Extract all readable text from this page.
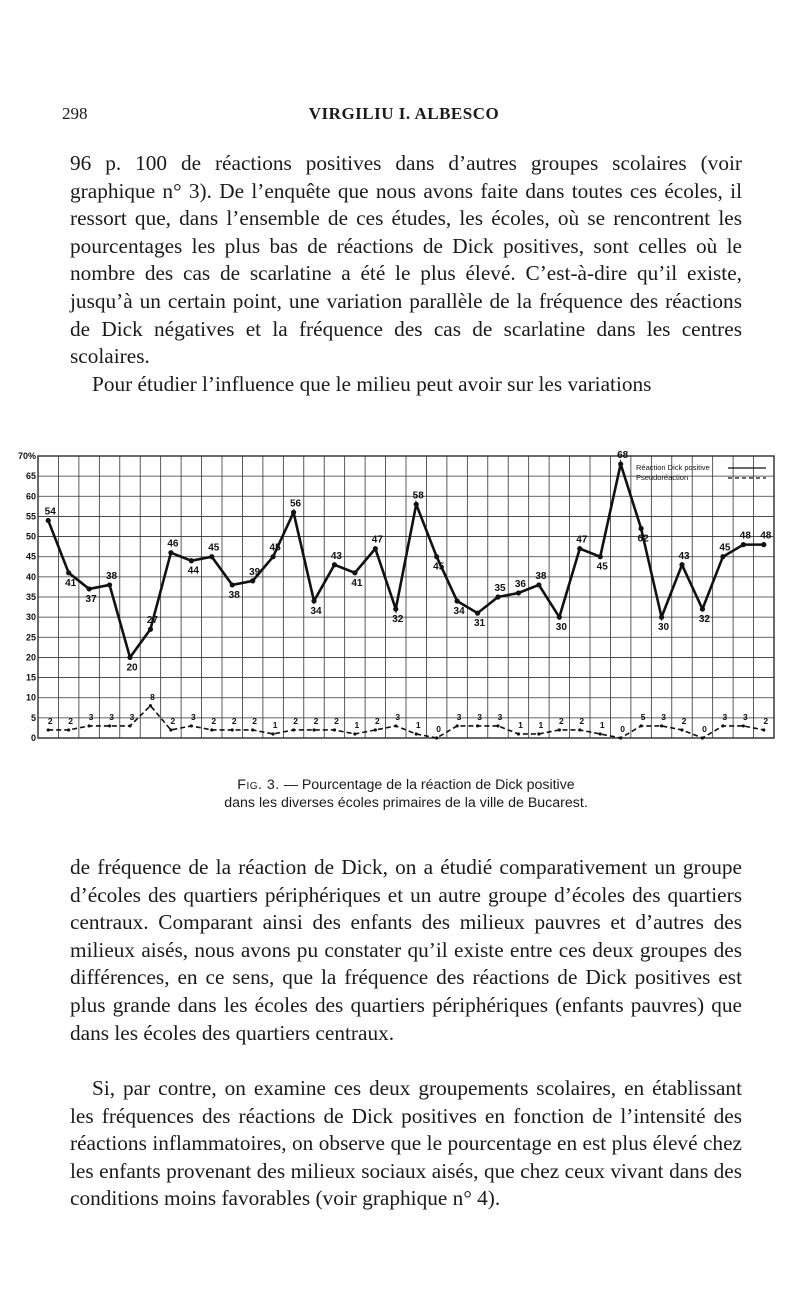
298	VIRGILIU I. ALBESCO

96 p. 100 de réactions positives dans d’autres groupes scolaires (voir graphique n° 3). De l’enquête que nous avons faite dans toutes ces écoles, il ressort que, dans l’ensemble de ces études, les écoles, où se rencontrent les pourcentages les plus bas de réactions de Dick positives, sont celles où le nombre des cas de scarlatine a été le plus élevé. C’est-à-dire qu’il existe, jusqu’à un certain point, une variation parallèle de la fréquence des réactions de Dick négatives et la fréquence des cas de scarlatine dans les centres scolaires.

Pour étudier l’influence que le milieu peut avoir sur les variations

0
5
10
15
20
25
30
35
40
45
50
55
60
65
70%
54
41
37
38
20
27
46
44
45
38
39
45
56
34
43
41
47
32
58
45
34
31
35 36
38
30
47
45
68
62
30
43
32
45
48 48
2 2 3 3 3
8
2 3 2 2 2 1 2 2 2 1 2 3
1 0
3 3 3
1 1 2 2 1 0
5 3 2
0
3 3 2
Réaction Dick positive
Pseudoréaction
Fig. 3. — Pourcentage de la réaction de Dick positive
dans les diverses écoles primaires de la ville de Bucarest.

de fréquence de la réaction de Dick, on a étudié comparativement un groupe d’écoles des quartiers périphériques et un autre groupe d’écoles des quartiers centraux. Comparant ainsi des enfants des milieux pauvres et d’autres des milieux aisés, nous avons pu constater qu’il existe entre ces deux groupes des différences, en ce sens, que la fréquence des réactions de Dick positives est plus grande dans les écoles des quartiers périphériques (enfants pauvres) que dans les écoles des quartiers centraux.

Si, par contre, on examine ces deux groupements scolaires, en établissant les fréquences des réactions de Dick positives en fonction de l’intensité des réactions inflammatoires, on observe que le pourcentage en est plus élevé chez les enfants provenant des milieux sociaux aisés, que chez ceux vivant dans des conditions moins favorables (voir graphique n° 4).
